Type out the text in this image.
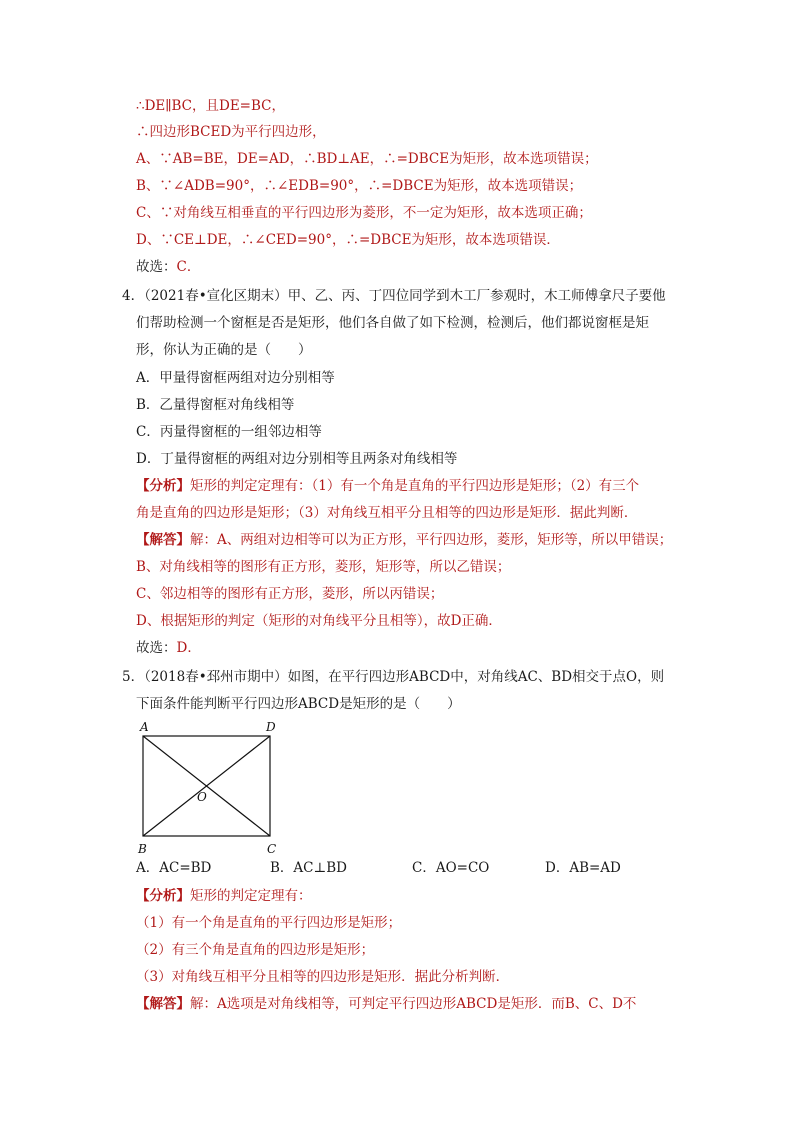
∴DE∥BC，且DE=BC，
∴四边形BCED为平行四边形，
A、∵AB=BE，DE=AD，∴BD⊥AE，∴=DBCE为矩形，故本选项错误；
B、∵∠ADB=90°，∴∠EDB=90°，∴=DBCE为矩形，故本选项错误；
C、∵对角线互相垂直的平行四边形为菱形，不一定为矩形，故本选项正确；
D、∵CE⊥DE，∴∠CED=90°，∴=DBCE为矩形，故本选项错误．
故选：C．
4．（2021春•宣化区期末）甲、乙、丙、丁四位同学到木工厂参观时，木工师傅拿尺子要他
们帮助检测一个窗框是否是矩形，他们各自做了如下检测，检测后，他们都说窗框是矩
形，你认为正确的是（　　）
A．甲量得窗框两组对边分别相等
B．乙量得窗框对角线相等
C．丙量得窗框的一组邻边相等
D．丁量得窗框的两组对边分别相等且两条对角线相等
【分析】矩形的判定定理有：（1）有一个角是直角的平行四边形是矩形；（2）有三个
角是直角的四边形是矩形；（3）对角线互相平分且相等的四边形是矩形．据此判断．
【解答】解：A、两组对边相等可以为正方形，平行四边形，菱形，矩形等，所以甲错误；
B、对角线相等的图形有正方形，菱形，矩形等，所以乙错误；
C、邻边相等的图形有正方形，菱形，所以丙错误；
D、根据矩形的判定（矩形的对角线平分且相等），故D正确．
故选：D．
5．（2018春•邳州市期中）如图，在平行四边形ABCD中，对角线AC、BD相交于点O，则
下面条件能判断平行四边形ABCD是矩形的是（　　）
A	D
B	C
O
A．AC=BD	B．AC⊥BD	C．AO=CO	D．AB=AD
【分析】矩形的判定定理有：
（1）有一个角是直角的平行四边形是矩形；
（2）有三个角是直角的四边形是矩形；
（3）对角线互相平分且相等的四边形是矩形．据此分析判断．
【解答】解：A选项是对角线相等，可判定平行四边形ABCD是矩形．而B、C、D不
